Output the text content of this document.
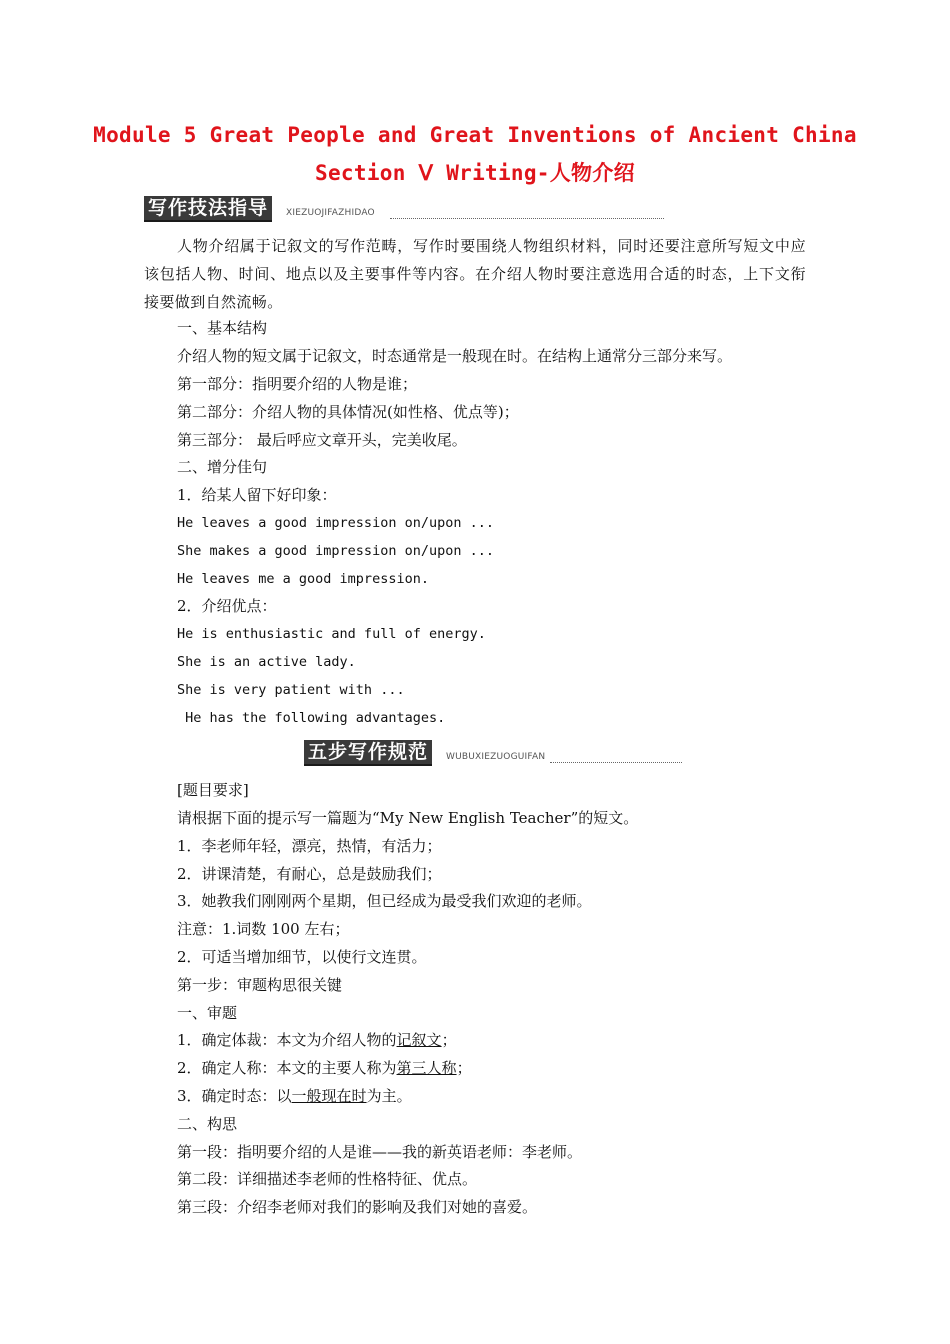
Module 5 Great People and Great Inventions of Ancient China
Section Ⅴ Writing-人物介绍
写作技法指导	XIEZUOJIFAZHIDAO
人物介绍属于记叙文的写作范畴，写作时要围绕人物组织材料，同时还要注意所写短文中应该包括人物、时间、地点以及主要事件等内容。在介绍人物时要注意选用合适的时态，上下文衔接要做到自然流畅。
一、基本结构
介绍人物的短文属于记叙文，时态通常是一般现在时。在结构上通常分三部分来写。
第一部分：指明要介绍的人物是谁；
第二部分：介绍人物的具体情况(如性格、优点等)；
第三部分： 最后呼应文章开头，完美收尾。
二、增分佳句
1．给某人留下好印象：
He leaves a good impression on/upon ...
She makes a good impression on/upon ...
He leaves me a good impression.
2．介绍优点：
He is enthusiastic and full of energy.
She is an active lady.
She is very patient with ...
He has the following advantages.
五步写作规范	WUBUXIEZUOGUIFAN
[题目要求]
请根据下面的提示写一篇题为“My New English Teacher”的短文。
1．李老师年轻，漂亮，热情，有活力；
2．讲课清楚，有耐心，总是鼓励我们；
3．她教我们刚刚两个星期，但已经成为最受我们欢迎的老师。
注意：1.词数 100 左右；
2．可适当增加细节，以使行文连贯。
第一步：审题构思很关键
一、审题
1．确定体裁：本文为介绍人物的记叙文；
2．确定人称：本文的主要人称为第三人称；
3．确定时态：以一般现在时为主。
二、构思
第一段：指明要介绍的人是谁——我的新英语老师：李老师。
第二段：详细描述李老师的性格特征、优点。
第三段：介绍李老师对我们的影响及我们对她的喜爱。
